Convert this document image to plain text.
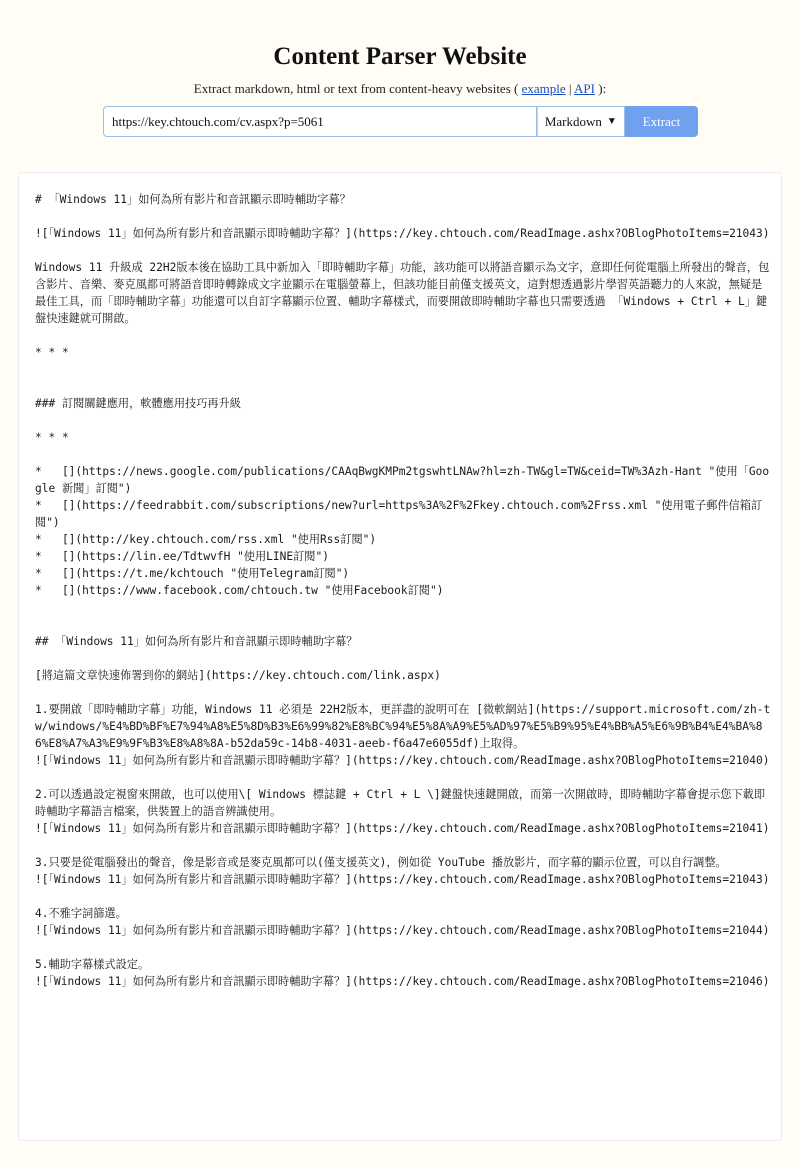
Content Parser Website
Extract markdown, html or text from content-heavy websites ( example | API ):
https://key.chtouch.com/cv.aspx?p=5061
Markdown ▼	Extract
# 「Windows 11」如何為所有影片和音訊顯示即時輔助字幕？

![「Windows 11」如何為所有影片和音訊顯示即時輔助字幕？](https://key.chtouch.com/ReadImage.ashx?OBlogPhotoItems=21043)

Windows 11 升級成 22H2版本後在協助工具中新加入「即時輔助字幕」功能，該功能可以將語音顯示為文字，意即任何從電腦上所發出的聲音，包含影片、音樂、麥克風都可將語音即時轉錄成文字並顯示在電腦螢幕上，但該功能目前僅支援英文，這對想透過影片學習英語聽力的人來說，無疑是最佳工具，而「即時輔助字幕」功能還可以自訂字幕顯示位置、輔助字幕樣式，而要開啟即時輔助字幕也只需要透過 「Windows + Ctrl + L」鍵盤快速鍵就可開啟。

* * *

### 訂閱關鍵應用，軟體應用技巧再升級

* * *

*   [](https://news.google.com/publications/CAAqBwgKMPm2tgswhtLNAw?hl=zh-TW&gl=TW&ceid=TW%3Azh-Hant "使用「Google 新聞」訂閱")
*   [](https://feedrabbit.com/subscriptions/new?url=https%3A%2F%2Fkey.chtouch.com%2Frss.xml "使用電子郵件信箱訂閱")
*   [](http://key.chtouch.com/rss.xml "使用Rss訂閱")
*   [](https://lin.ee/TdtwvfH "使用LINE訂閱")
*   [](https://t.me/kchtouch "使用Telegram訂閱")
*   [](https://www.facebook.com/chtouch.tw "使用Facebook訂閱")

## 「Windows 11」如何為所有影片和音訊顯示即時輔助字幕？

[將這篇文章快速佈署到你的網站](https://key.chtouch.com/link.aspx)

1.要開啟「即時輔助字幕」功能，Windows 11 必須是 22H2版本，更詳盡的說明可在 [微軟網站](https://support.microsoft.com/zh-tw/windows/%E4%BD%BF%E7%94%A8%E5%8D%B3%E6%99%82%E8%BC%94%E5%8A%A9%E5%AD%97%E5%B9%95%E4%BB%A5%E6%9B%B4%E4%BA%86%E8%A7%A3%E9%9F%B3%E8%A8%8A-b52da59c-14b8-4031-aeeb-f6a47e6055df)上取得。
![「Windows 11」如何為所有影片和音訊顯示即時輔助字幕？](https://key.chtouch.com/ReadImage.ashx?OBlogPhotoItems=21040)

2.可以透過設定視窗來開啟，也可以使用\[ Windows 標誌鍵 + Ctrl + L \]鍵盤快速鍵開啟，而第一次開啟時，即時輔助字幕會提示您下載即時輔助字幕語言檔案，供裝置上的語音辨識使用。
![「Windows 11」如何為所有影片和音訊顯示即時輔助字幕？](https://key.chtouch.com/ReadImage.ashx?OBlogPhotoItems=21041)

3.只要是從電腦發出的聲音，像是影音或是麥克風都可以(僅支援英文)，例如從 YouTube 播放影片，而字幕的顯示位置，可以自行調整。
![「Windows 11」如何為所有影片和音訊顯示即時輔助字幕？](https://key.chtouch.com/ReadImage.ashx?OBlogPhotoItems=21043)

4.不雅字詞篩選。
![「Windows 11」如何為所有影片和音訊顯示即時輔助字幕？](https://key.chtouch.com/ReadImage.ashx?OBlogPhotoItems=21044)

5.輔助字幕樣式設定。
![「Windows 11」如何為所有影片和音訊顯示即時輔助字幕？](https://key.chtouch.com/ReadImage.ashx?OBlogPhotoItems=21046)
